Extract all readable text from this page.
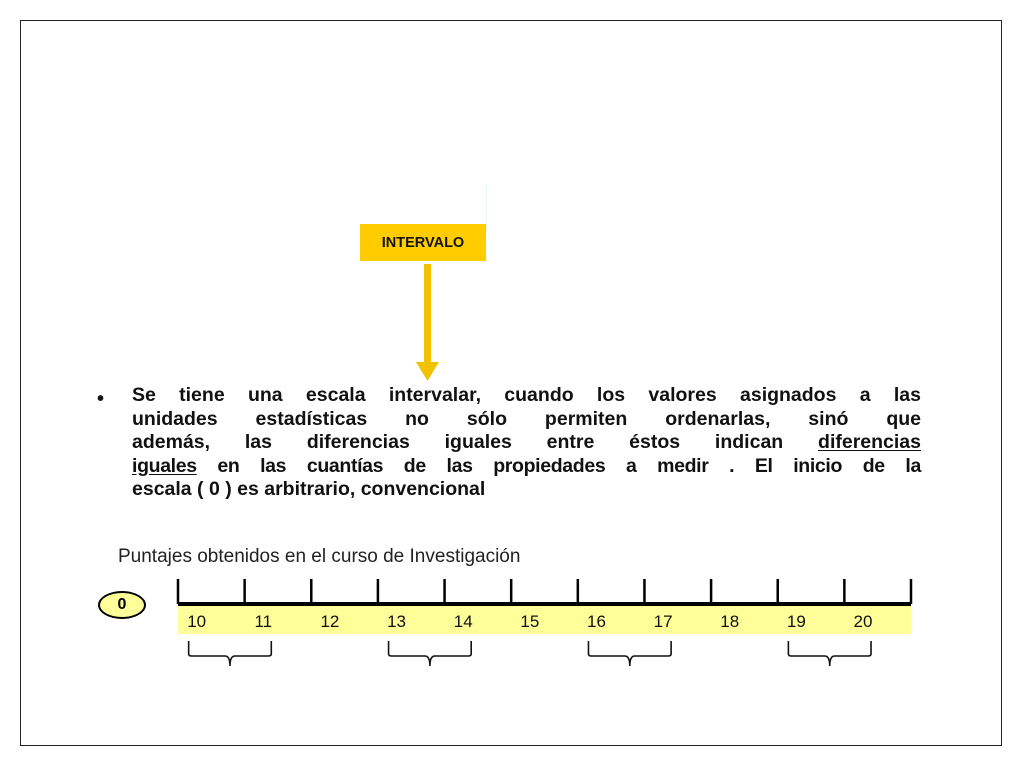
INTERVALO
• Se tiene una escala intervalar, cuando los valores asignados a las
unidades estadísticas no sólo permiten ordenarlas, sinó que
además, las diferencias iguales entre éstos indican diferencias
iguales en las cuantías de las propiedades a medir . El inicio de la
escala ( 0 ) es arbitrario, convencional
Puntajes obtenidos en el curso de Investigación
0
10	11	12	13	14	15	16	17	18	19	20
